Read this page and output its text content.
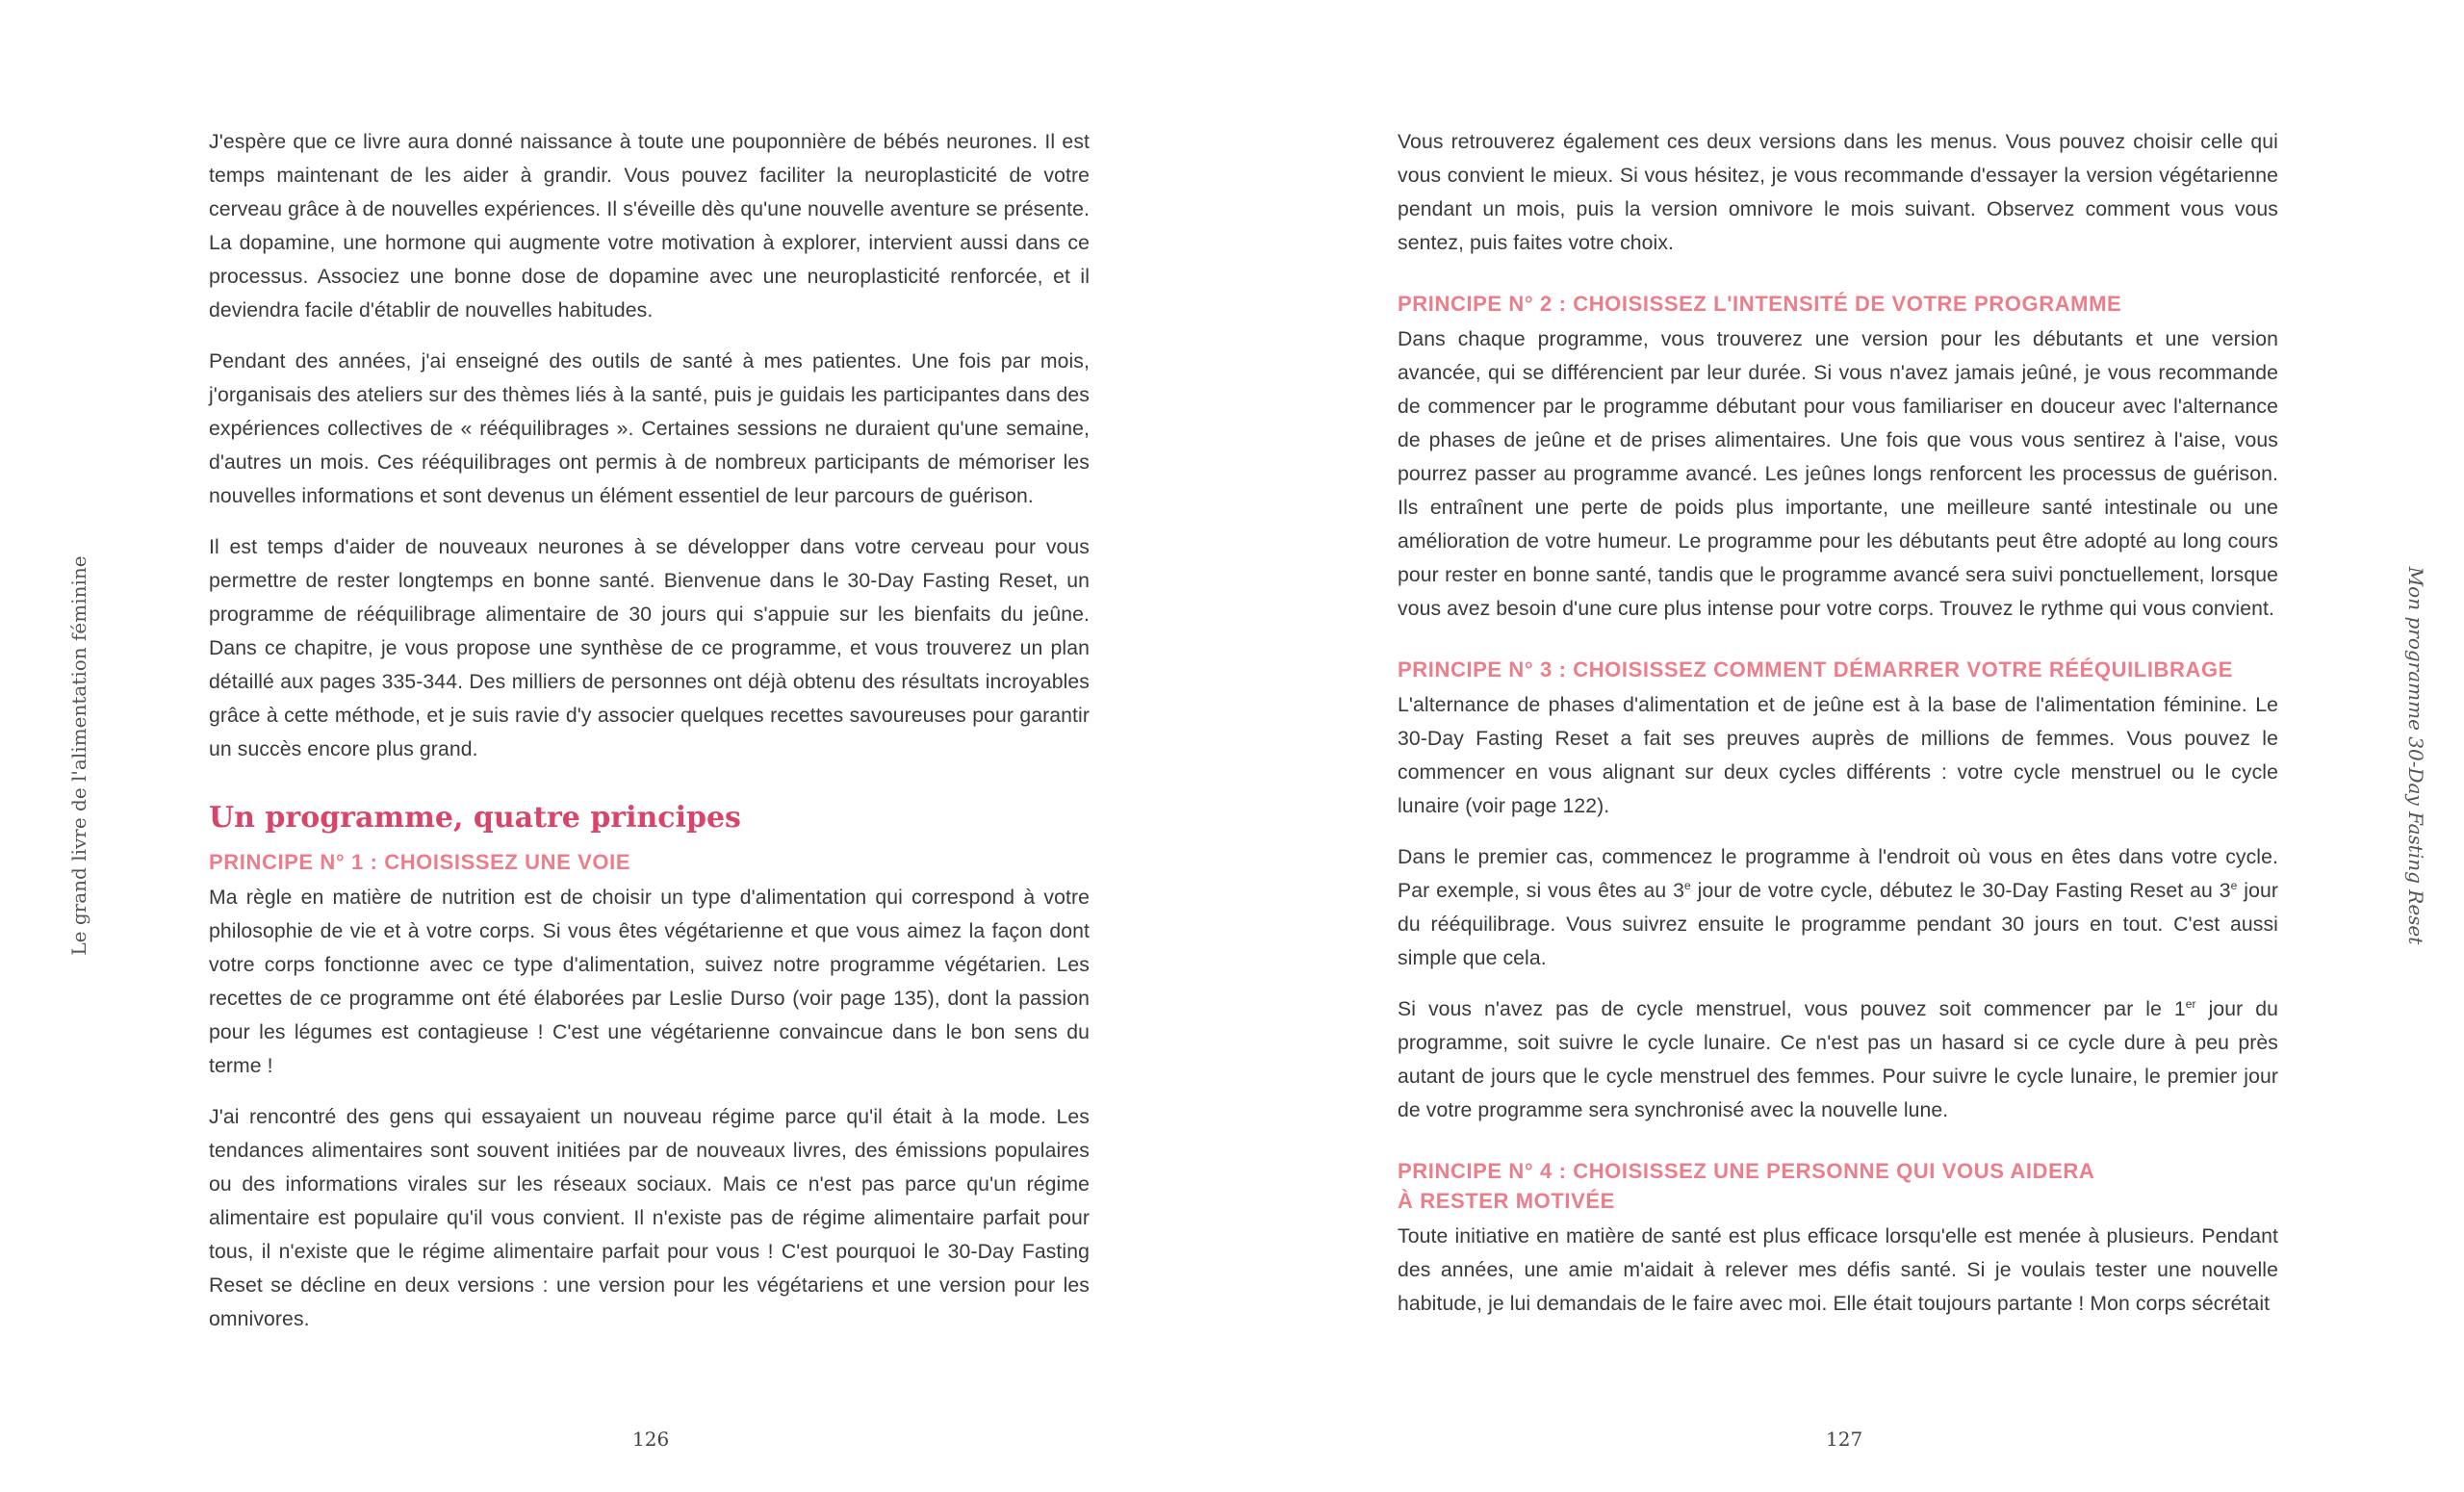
Le grand livre de l'alimentation féminine

J'espère que ce livre aura donné naissance à toute une pouponnière de bébés neurones. Il est temps maintenant de les aider à grandir. Vous pouvez faciliter la neuroplasticité de votre cerveau grâce à de nouvelles expériences. Il s'éveille dès qu'une nouvelle aventure se présente. La dopamine, une hormone qui augmente votre motivation à explorer, intervient aussi dans ce processus. Associez une bonne dose de dopamine avec une neuroplasticité renforcée, et il deviendra facile d'établir de nouvelles habitudes.

Pendant des années, j'ai enseigné des outils de santé à mes patientes. Une fois par mois, j'organisais des ateliers sur des thèmes liés à la santé, puis je guidais les participantes dans des expériences collectives de « rééquilibrages ». Certaines sessions ne duraient qu'une semaine, d'autres un mois. Ces rééquilibrages ont permis à de nombreux participants de mémoriser les nouvelles informations et sont devenus un élément essentiel de leur parcours de guérison.

Il est temps d'aider de nouveaux neurones à se développer dans votre cerveau pour vous permettre de rester longtemps en bonne santé. Bienvenue dans le 30-Day Fasting Reset, un programme de rééquilibrage alimentaire de 30 jours qui s'appuie sur les bienfaits du jeûne. Dans ce chapitre, je vous propose une synthèse de ce programme, et vous trouverez un plan détaillé aux pages 335-344. Des milliers de personnes ont déjà obtenu des résultats incroyables grâce à cette méthode, et je suis ravie d'y associer quelques recettes savoureuses pour garantir un succès encore plus grand.

Un programme, quatre principes
PRINCIPE N° 1 : CHOISISSEZ UNE VOIE

Ma règle en matière de nutrition est de choisir un type d'alimentation qui correspond à votre philosophie de vie et à votre corps. Si vous êtes végétarienne et que vous aimez la façon dont votre corps fonctionne avec ce type d'alimentation, suivez notre programme végétarien. Les recettes de ce programme ont été élaborées par Leslie Durso (voir page 135), dont la passion pour les légumes est contagieuse ! C'est une végétarienne convaincue dans le bon sens du terme !

J'ai rencontré des gens qui essayaient un nouveau régime parce qu'il était à la mode. Les tendances alimentaires sont souvent initiées par de nouveaux livres, des émissions populaires ou des informations virales sur les réseaux sociaux. Mais ce n'est pas parce qu'un régime alimentaire est populaire qu'il vous convient. Il n'existe pas de régime alimentaire parfait pour tous, il n'existe que le régime alimentaire parfait pour vous ! C'est pourquoi le 30-Day Fasting Reset se décline en deux versions : une version pour les végétariens et une version pour les omnivores.

126

Vous retrouverez également ces deux versions dans les menus. Vous pouvez choisir celle qui vous convient le mieux. Si vous hésitez, je vous recommande d'essayer la version végétarienne pendant un mois, puis la version omnivore le mois suivant. Observez comment vous vous sentez, puis faites votre choix.

PRINCIPE N° 2 : CHOISISSEZ L'INTENSITÉ DE VOTRE PROGRAMME

Dans chaque programme, vous trouverez une version pour les débutants et une version avancée, qui se différencient par leur durée. Si vous n'avez jamais jeûné, je vous recommande de commencer par le programme débutant pour vous familiariser en douceur avec l'alternance de phases de jeûne et de prises alimentaires. Une fois que vous vous sentirez à l'aise, vous pourrez passer au programme avancé. Les jeûnes longs renforcent les processus de guérison. Ils entraînent une perte de poids plus importante, une meilleure santé intestinale ou une amélioration de votre humeur. Le programme pour les débutants peut être adopté au long cours pour rester en bonne santé, tandis que le programme avancé sera suivi ponctuellement, lorsque vous avez besoin d'une cure plus intense pour votre corps. Trouvez le rythme qui vous convient.

PRINCIPE N° 3 : CHOISISSEZ COMMENT DÉMARRER VOTRE RÉÉQUILIBRAGE

L'alternance de phases d'alimentation et de jeûne est à la base de l'alimentation féminine. Le 30-Day Fasting Reset a fait ses preuves auprès de millions de femmes. Vous pouvez le commencer en vous alignant sur deux cycles différents : votre cycle menstruel ou le cycle lunaire (voir page 122).

Dans le premier cas, commencez le programme à l'endroit où vous en êtes dans votre cycle. Par exemple, si vous êtes au 3e jour de votre cycle, débutez le 30-Day Fasting Reset au 3e jour du rééquilibrage. Vous suivrez ensuite le programme pendant 30 jours en tout. C'est aussi simple que cela.

Si vous n'avez pas de cycle menstruel, vous pouvez soit commencer par le 1er jour du programme, soit suivre le cycle lunaire. Ce n'est pas un hasard si ce cycle dure à peu près autant de jours que le cycle menstruel des femmes. Pour suivre le cycle lunaire, le premier jour de votre programme sera synchronisé avec la nouvelle lune.

PRINCIPE N° 4 : CHOISISSEZ UNE PERSONNE QUI VOUS AIDERA
À RESTER MOTIVÉE

Toute initiative en matière de santé est plus efficace lorsqu'elle est menée à plusieurs. Pendant des années, une amie m'aidait à relever mes défis santé. Si je voulais tester une nouvelle habitude, je lui demandais de le faire avec moi. Elle était toujours partante ! Mon corps sécrétait

Mon programme 30-Day Fasting Reset
127
